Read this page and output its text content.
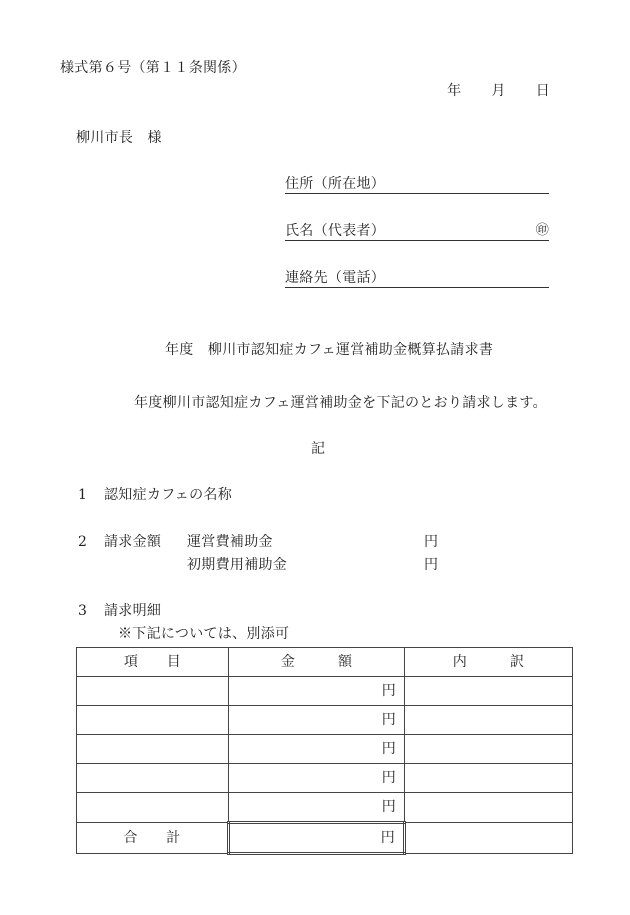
様式第６号（第１１条関係）
年 月 日
柳川市長　様
住所（所在地）
氏名（代表者）	㊞
連絡先（電話）
年度　柳川市認知症カフェ運営補助金概算払請求書
年度柳川市認知症カフェ運営補助金を下記のとおり請求します。
記
1 認知症カフェの名称
2 請求金額 運営費補助金	円
初期費用補助金	円
3 請求明細
※下記については、別添可
項　　目	金　　　額	内　　　訳
	円	
	円	
	円	
	円	
	円	
合　　計	円	
